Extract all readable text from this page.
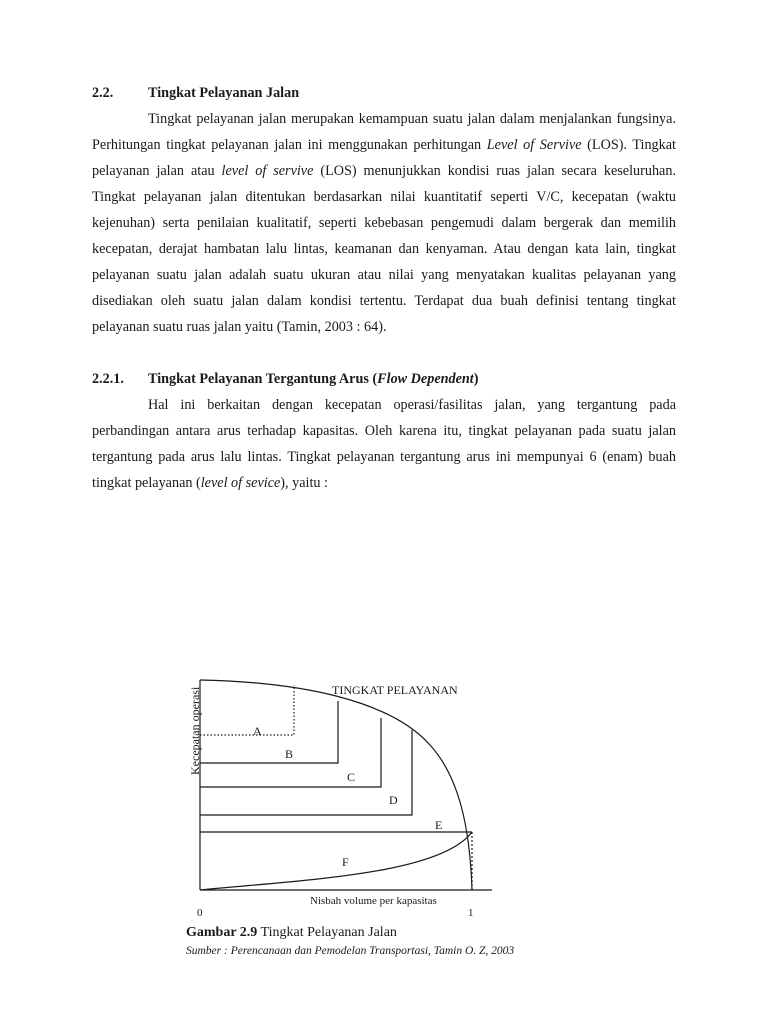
2.2. Tingkat Pelayanan Jalan

Tingkat pelayanan jalan merupakan kemampuan suatu jalan dalam menjalankan fungsinya. Perhitungan tingkat pelayanan jalan ini menggunakan perhitungan Level of Servive (LOS). Tingkat pelayanan jalan atau level of servive (LOS) menunjukkan kondisi ruas jalan secara keseluruhan. Tingkat pelayanan jalan ditentukan berdasarkan nilai kuantitatif seperti V/C, kecepatan (waktu kejenuhan) serta penilaian kualitatif, seperti kebebasan pengemudi dalam bergerak dan memilih kecepatan, derajat hambatan lalu lintas, keamanan dan kenyaman. Atau dengan kata lain, tingkat pelayanan suatu jalan adalah suatu ukuran atau nilai yang menyatakan kualitas pelayanan yang disediakan oleh suatu jalan dalam kondisi tertentu. Terdapat dua buah definisi tentang tingkat pelayanan suatu ruas jalan yaitu (Tamin, 2003 : 64).

2.2.1. Tingkat Pelayanan Tergantung Arus (Flow Dependent)

Hal ini berkaitan dengan kecepatan operasi/fasilitas jalan, yang tergantung pada perbandingan antara arus terhadap kapasitas. Oleh karena itu, tingkat pelayanan pada suatu jalan tergantung pada arus lalu lintas. Tingkat pelayanan tergantung arus ini mempunyai 6 (enam) buah tingkat pelayanan (level of sevice), yaitu :

TINGKAT PELAYANAN
Kecepatan operasi	A
B
C
D
E
F
Nisbah volume per kapasitas
0	1
Gambar 2.9 Tingkat Pelayanan Jalan
Sumber : Perencanaan dan Pemodelan Transportasi, Tamin O. Z, 2003
